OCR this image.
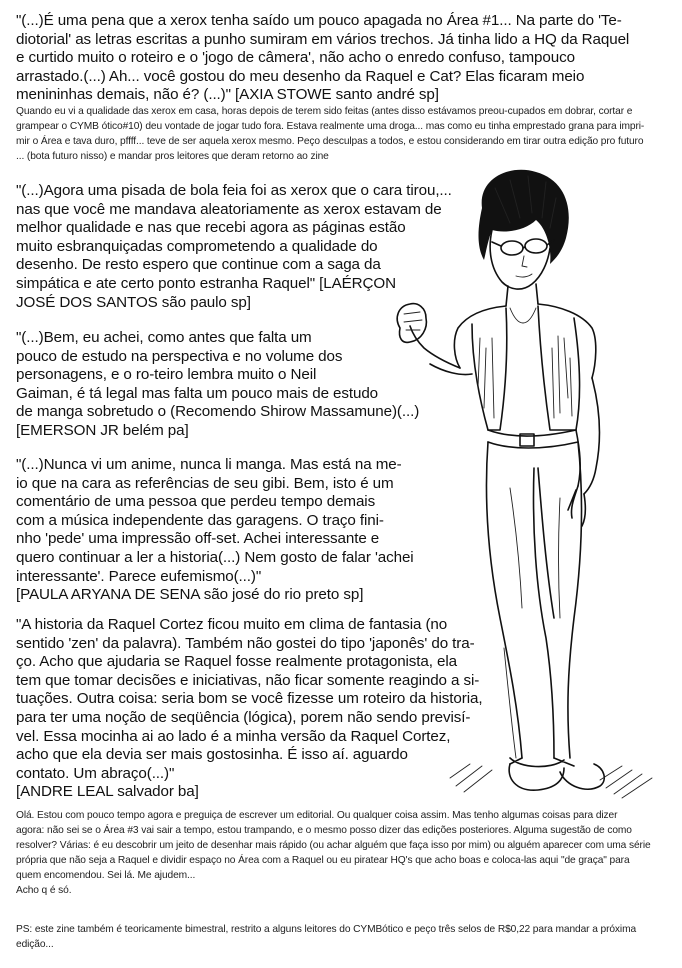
"(...)É uma pena que a xerox tenha saído um pouco apagada no Área #1... Na parte do 'Te-
diotorial' as letras escritas a punho sumiram em vários trechos. Já tinha lido a HQ da Raquel
e curtido muito o roteiro e o 'jogo de câmera', não acho o enredo confuso, tampouco
arrastado.(...) Ah... você gostou do meu desenho da Raquel e Cat? Elas ficaram meio
menininhas demais, não é? (...)" [AXIA STOWE santo andré sp]

Quando eu vi a qualidade das xerox em casa, horas depois de terem sido feitas (antes disso estávamos preou-cupados em dobrar, cortar e
grampear o CYMB ótico#10) deu vontade de jogar tudo fora. Estava realmente uma droga... mas como eu tinha emprestado grana para impri-
mir o Área e tava duro, pffff... teve de ser aquela xerox mesmo. Peço desculpas a todos, e estou considerando em tirar outra edição pro futuro
... (bota futuro nisso) e mandar pros leitores que deram retorno ao zine

"(...)Agora uma pisada de bola feia foi as xerox que o cara tirou,...
nas que você me mandava aleatoriamente as xerox estavam de
melhor qualidade e nas que recebi agora as páginas estão
muito esbranquiçadas comprometendo a qualidade do
desenho. De resto espero que continue com a saga da
simpática e ate certo ponto estranha Raquel" [LAÉRÇON
JOSÉ DOS SANTOS são paulo sp]

"(...)Bem, eu achei, como antes que falta um
pouco de estudo na perspectiva e no volume dos
personagens, e o ro-teiro lembra muito o Neil
Gaiman, é tá legal mas falta um pouco mais de estudo
de manga sobretudo o (Recomendo Shirow Massamune)(...)
[EMERSON JR belém pa]

"(...)Nunca vi um anime, nunca li manga. Mas está na me-
io que na cara as referências de seu gibi. Bem, isto é um
comentário de uma pessoa que perdeu tempo demais
com a música independente das garagens. O traço fini-
nho 'pede' uma impressão off-set. Achei interessante e
quero continuar a ler a historia(...) Nem gosto de falar 'achei
interessante'. Parece eufemismo(...)"
[PAULA ARYANA DE SENA são josé do rio preto sp]

"A historia da Raquel Cortez ficou muito em clima de fantasia (no
sentido 'zen' da palavra). Também não gostei do tipo 'japonês' do tra-
ço. Acho que ajudaria se Raquel fosse realmente protagonista, ela
tem que tomar decisões e iniciativas, não ficar somente reagindo a si-
tuações. Outra coisa: seria bom se você fizesse um roteiro da historia,
para ter uma noção de seqüência (lógica), porem não sendo previsí-
vel. Essa mocinha ai ao lado é a minha versão da Raquel Cortez,
acho que ela devia ser mais gostosinha. É isso aí. aguardo
contato. Um abraço(...)"
[ANDRE LEAL salvador ba]

Olá. Estou com pouco tempo agora e preguiça de escrever um editorial. Ou qualquer coisa assim. Mas tenho algumas coisas para dizer
agora: não sei se o Área #3 vai sair a tempo, estou trampando, e o mesmo posso dizer das edições posteriores. Alguma sugestão de como
resolver? Várias: é eu descobrir um jeito de desenhar mais rápido (ou achar alguém que faça isso por mim) ou alguém aparecer com uma série
própria que não seja a Raquel e dividir espaço no Área com a Raquel ou eu piratear HQ's que acho boas e coloca-las aqui "de graça" para
quem encomendou. Sei lá. Me ajudem...
Acho q é só.

PS: este zine também é teoricamente bimestral, restrito a alguns leitores do CYMBótico e peço três selos de R$0,22 para mandar a próxima
edição...
